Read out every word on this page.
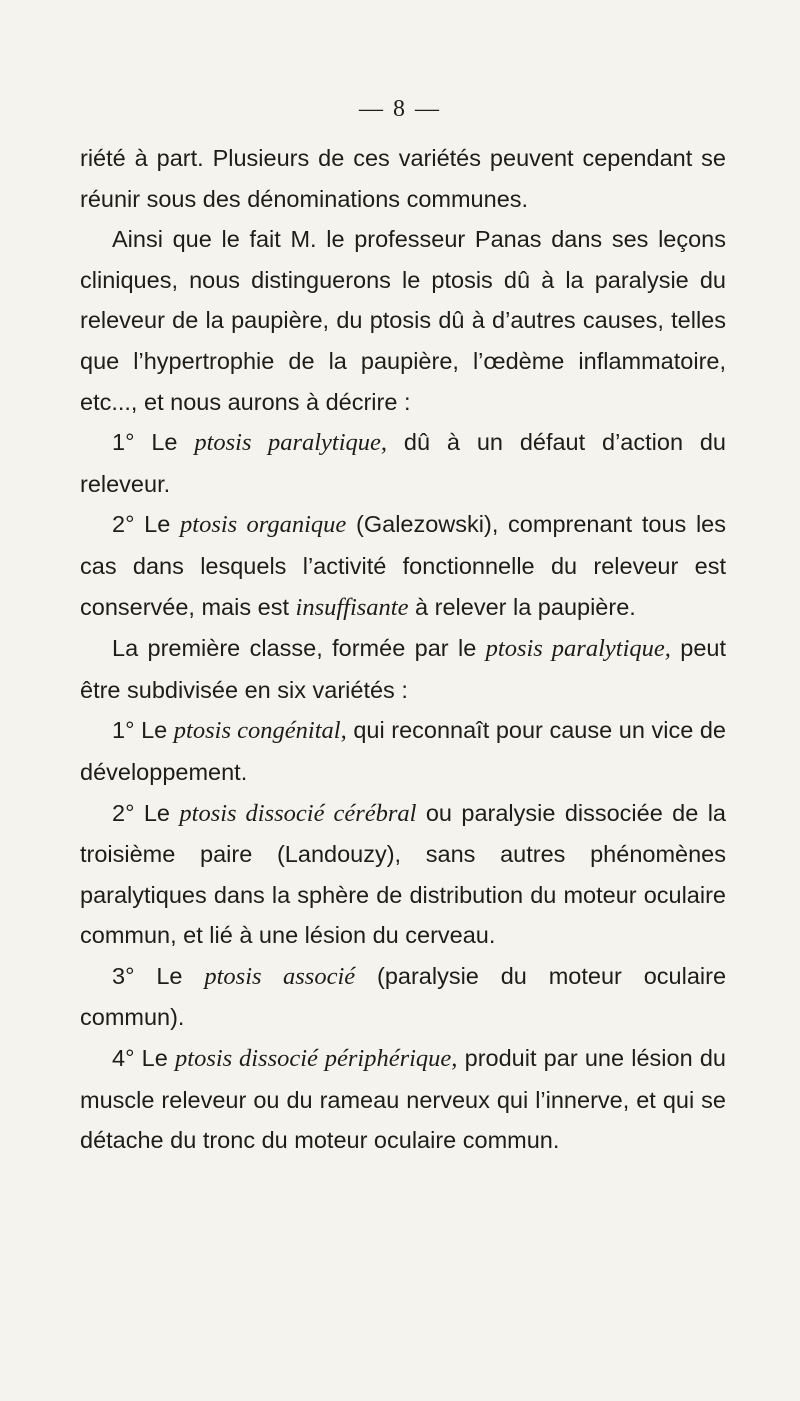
— 8 —

riété à part. Plusieurs de ces variétés peuvent cependant se réunir sous des dénominations communes.

Ainsi que le fait M. le professeur Panas dans ses leçons cliniques, nous distinguerons le ptosis dû à la paralysie du releveur de la paupière, du ptosis dû à d’autres causes, telles que l’hypertrophie de la paupière, l’œdème inflammatoire, etc..., et nous aurons à décrire :

1° Le ptosis paralytique, dû à un défaut d’action du releveur.

2° Le ptosis organique (Galezowski), comprenant tous les cas dans lesquels l’activité fonctionnelle du releveur est conservée, mais est insuffisante à relever la paupière.

La première classe, formée par le ptosis paralytique, peut être subdivisée en six variétés :

1° Le ptosis congénital, qui reconnaît pour cause un vice de développement.

2° Le ptosis dissocié cérébral ou paralysie dissociée de la troisième paire (Landouzy), sans autres phénomènes paralytiques dans la sphère de distribution du moteur oculaire commun, et lié à une lésion du cerveau.

3° Le ptosis associé (paralysie du moteur oculaire commun).

4° Le ptosis dissocié périphérique, produit par une lésion du muscle releveur ou du rameau nerveux qui l’innerve, et qui se détache du tronc du moteur oculaire commun.
